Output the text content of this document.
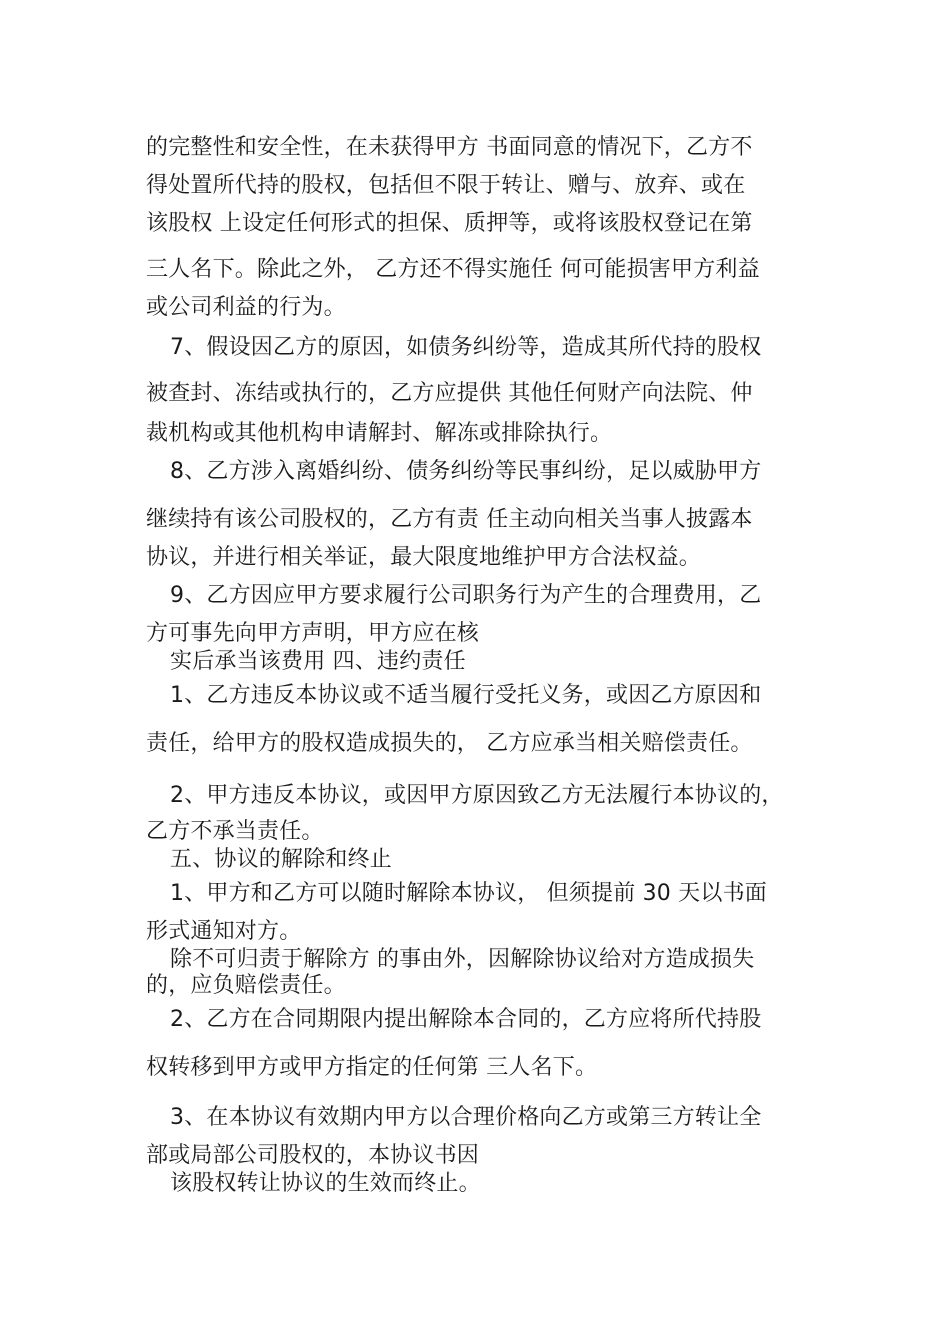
的完整性和安全性，在未获得甲方 书面同意的情况下，乙方不
得处置所代持的股权，包括但不限于转让、赠与、放弃、或在
该股权 上设定任何形式的担保、质押等，或将该股权登记在第
三人名下。除此之外， 乙方还不得实施任 何可能损害甲方利益
或公司利益的行为。
7、假设因乙方的原因，如债务纠纷等，造成其所代持的股权
被查封、冻结或执行的，乙方应提供 其他任何财产向法院、仲
裁机构或其他机构申请解封、解冻或排除执行。
8、乙方涉入离婚纠纷、债务纠纷等民事纠纷，足以威胁甲方
继续持有该公司股权的，乙方有责 任主动向相关当事人披露本
协议，并进行相关举证，最大限度地维护甲方合法权益。
9、乙方因应甲方要求履行公司职务行为产生的合理费用，乙
方可事先向甲方声明，甲方应在核
实后承当该费用 四、违约责任
1、乙方违反本协议或不适当履行受托义务，或因乙方原因和
责任，给甲方的股权造成损失的， 乙方应承当相关赔偿责任。
2、甲方违反本协议，或因甲方原因致乙方无法履行本协议的，
乙方不承当责任。
五、协议的解除和终止
1、甲方和乙方可以随时解除本协议， 但须提前 30 天以书面
形式通知对方。
除不可归责于解除方 的事由外，因解除协议给对方造成损失
的，应负赔偿责任。
2、乙方在合同期限内提出解除本合同的，乙方应将所代持股
权转移到甲方或甲方指定的任何第 三人名下。
3、在本协议有效期内甲方以合理价格向乙方或第三方转让全
部或局部公司股权的，本协议书因
该股权转让协议的生效而终止。
